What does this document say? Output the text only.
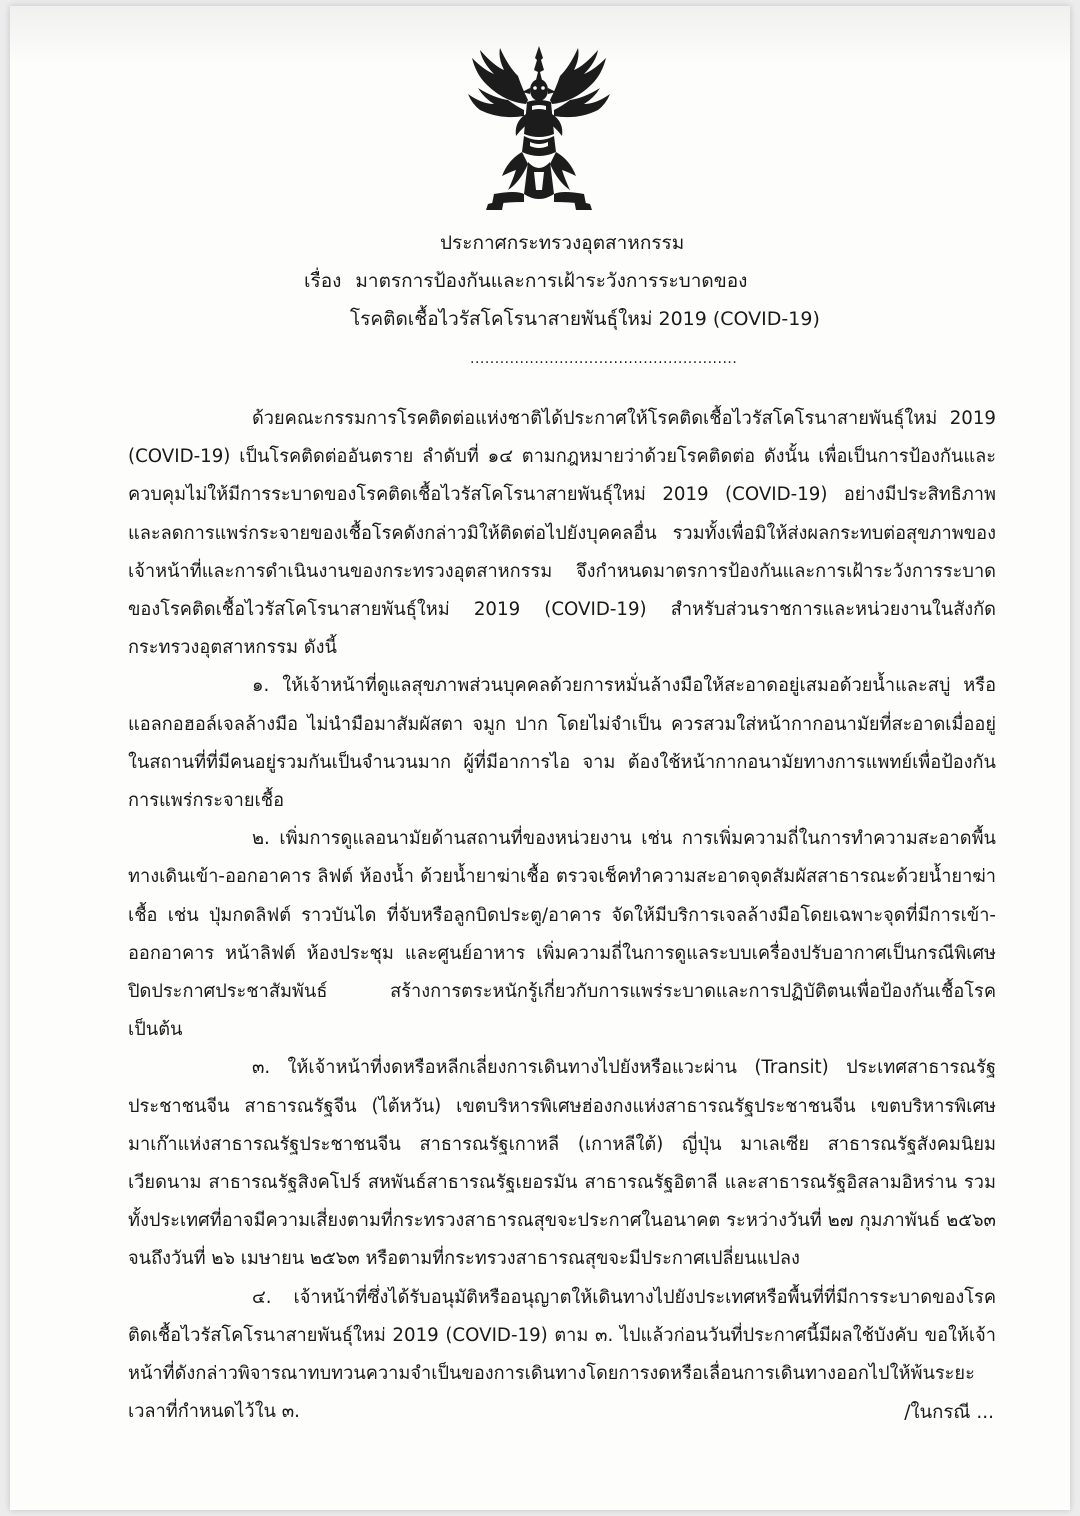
ประกาศกระทรวงอุตสาหกรรม
เรื่อง มาตรการป้องกันและการเฝ้าระวังการระบาดของ
โรคติดเชื้อไวรัสโคโรนาสายพันธุ์ใหม่ 2019 (COVID-19)
......................................................

ด้วยคณะกรรมการโรคติดต่อแห่งชาติได้ประกาศให้โรคติดเชื้อไวรัสโคโรนาสายพันธุ์ใหม่ 2019 (COVID-19) เป็นโรคติดต่ออันตราย ลำดับที่ ๑๔ ตามกฎหมายว่าด้วยโรคติดต่อ ดังนั้น เพื่อเป็นการป้องกันและควบคุมไม่ให้มีการระบาดของโรคติดเชื้อไวรัสโคโรนาสายพันธุ์ใหม่ 2019 (COVID-19) อย่างมีประสิทธิภาพ และลดการแพร่กระจายของเชื้อโรคดังกล่าวมิให้ติดต่อไปยังบุคคลอื่น รวมทั้งเพื่อมิให้ส่งผลกระทบต่อสุขภาพของเจ้าหน้าที่และการดำเนินงานของกระทรวงอุตสาหกรรม จึงกำหนดมาตรการป้องกันและการเฝ้าระวังการระบาดของโรคติดเชื้อไวรัสโคโรนาสายพันธุ์ใหม่ 2019 (COVID-19) สำหรับส่วนราชการและหน่วยงานในสังกัดกระทรวงอุตสาหกรรม ดังนี้

๑. ให้เจ้าหน้าที่ดูแลสุขภาพส่วนบุคคลด้วยการหมั่นล้างมือให้สะอาดอยู่เสมอด้วยน้ำและสบู่ หรือแอลกอฮอล์เจลล้างมือ ไม่นำมือมาสัมผัสตา จมูก ปาก โดยไม่จำเป็น ควรสวมใส่หน้ากากอนามัยที่สะอาดเมื่ออยู่ในสถานที่ที่มีคนอยู่รวมกันเป็นจำนวนมาก ผู้ที่มีอาการไอ จาม ต้องใช้หน้ากากอนามัยทางการแพทย์เพื่อป้องกันการแพร่กระจายเชื้อ

๒. เพิ่มการดูแลอนามัยด้านสถานที่ของหน่วยงาน เช่น การเพิ่มความถี่ในการทำความสะอาดพื้นทางเดินเข้า-ออกอาคาร ลิฟต์ ห้องน้ำ ด้วยน้ำยาฆ่าเชื้อ ตรวจเช็คทำความสะอาดจุดสัมผัสสาธารณะด้วยน้ำยาฆ่าเชื้อ เช่น ปุ่มกดลิฟต์ ราวบันได ที่จับหรือลูกบิดประตู/อาคาร จัดให้มีบริการเจลล้างมือโดยเฉพาะจุดที่มีการเข้า-ออกอาคาร หน้าลิฟต์ ห้องประชุม และศูนย์อาหาร เพิ่มความถี่ในการดูแลระบบเครื่องปรับอากาศเป็นกรณีพิเศษ ปิดประกาศประชาสัมพันธ์ สร้างการตระหนักรู้เกี่ยวกับการแพร่ระบาดและการปฏิบัติตนเพื่อป้องกันเชื้อโรค เป็นต้น

๓. ให้เจ้าหน้าที่งดหรือหลีกเลี่ยงการเดินทางไปยังหรือแวะผ่าน (Transit) ประเทศสาธารณรัฐประชาชนจีน สาธารณรัฐจีน (ไต้หวัน) เขตบริหารพิเศษฮ่องกงแห่งสาธารณรัฐประชาชนจีน เขตบริหารพิเศษมาเก๊าแห่งสาธารณรัฐประชาชนจีน สาธารณรัฐเกาหลี (เกาหลีใต้) ญี่ปุ่น มาเลเซีย สาธารณรัฐสังคมนิยมเวียดนาม สาธารณรัฐสิงคโปร์ สหพันธ์สาธารณรัฐเยอรมัน สาธารณรัฐอิตาลี และสาธารณรัฐอิสลามอิหร่าน รวมทั้งประเทศที่อาจมีความเสี่ยงตามที่กระทรวงสาธารณสุขจะประกาศในอนาคต ระหว่างวันที่ ๒๗ กุมภาพันธ์ ๒๕๖๓ จนถึงวันที่ ๒๖ เมษายน ๒๕๖๓ หรือตามที่กระทรวงสาธารณสุขจะมีประกาศเปลี่ยนแปลง

๔. เจ้าหน้าที่ซึ่งได้รับอนุมัติหรืออนุญาตให้เดินทางไปยังประเทศหรือพื้นที่ที่มีการระบาดของโรคติดเชื้อไวรัสโคโรนาสายพันธุ์ใหม่ 2019 (COVID-19) ตาม ๓. ไปแล้วก่อนวันที่ประกาศนี้มีผลใช้บังคับ ขอให้เจ้าหน้าที่ดังกล่าวพิจารณาทบทวนความจำเป็นของการเดินทางโดยการงดหรือเลื่อนการเดินทางออกไปให้พ้นระยะเวลาที่กำหนดไว้ใน ๓.	/ในกรณี ...
